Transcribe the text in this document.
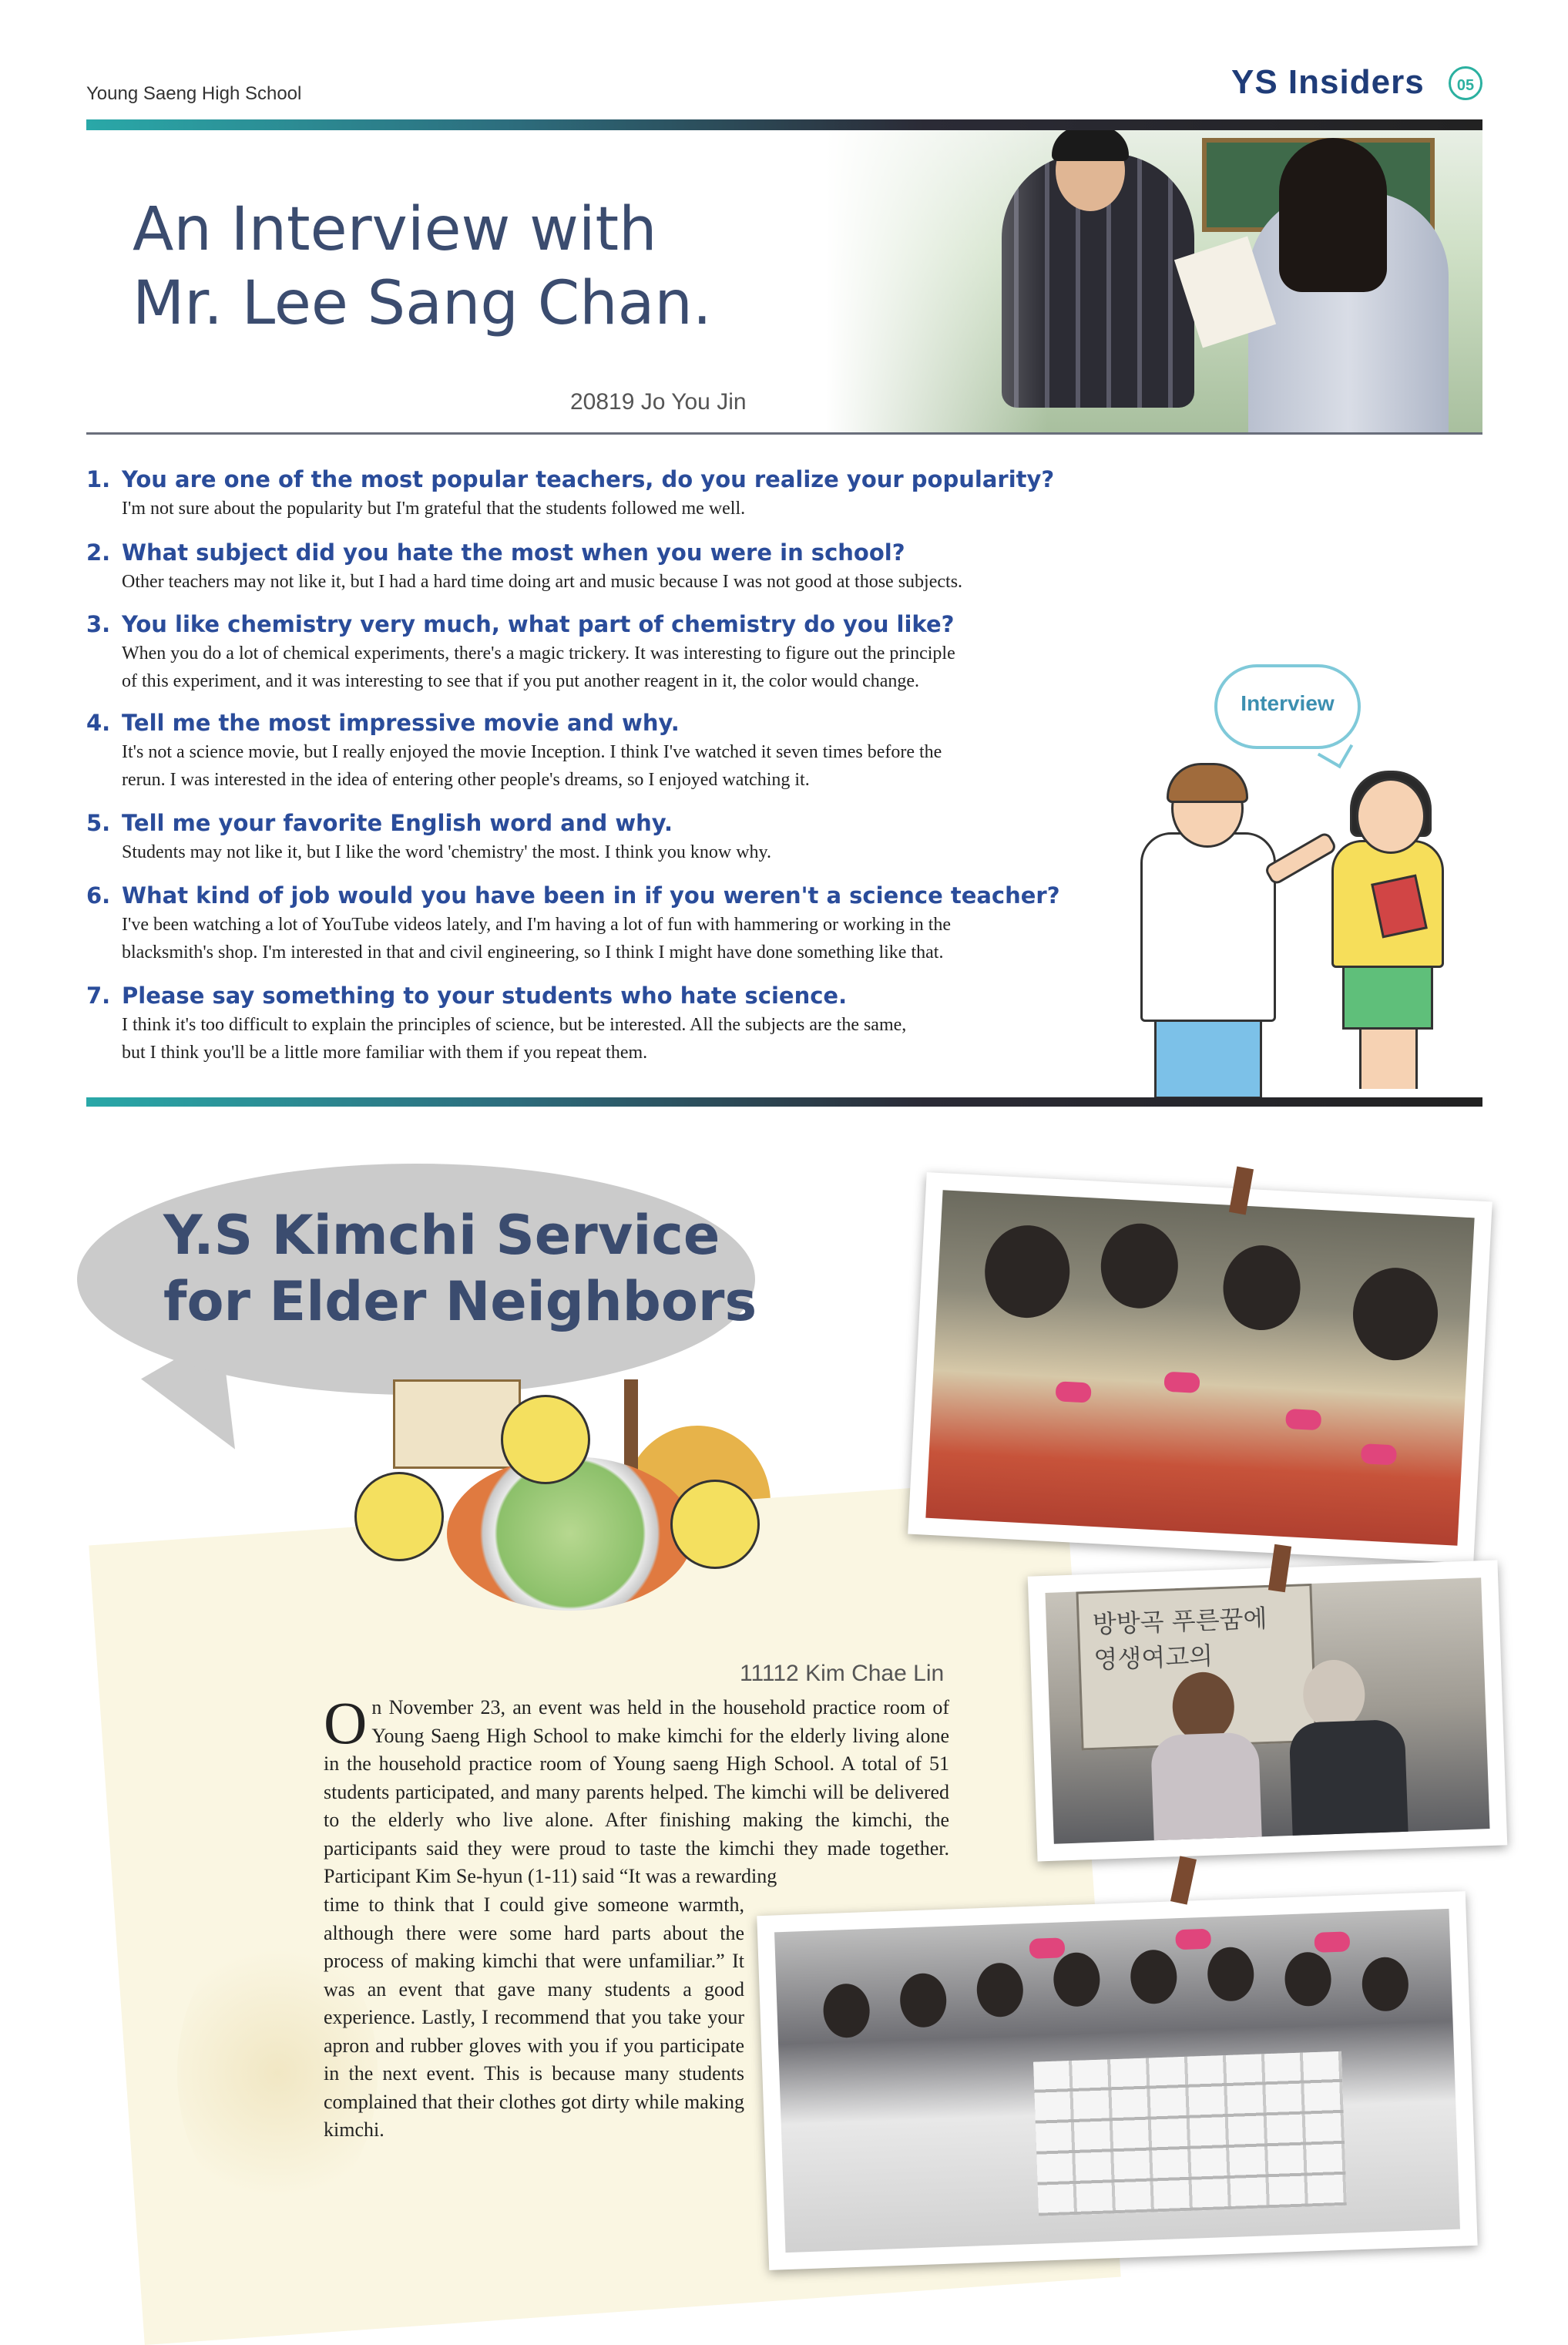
Young Saeng High School	YS Insiders	05
An Interview with
Mr. Lee Sang Chan.
20819 Jo You Jin
1. You are one of the most popular teachers, do you realize your popularity?
I'm not sure about the popularity but I'm grateful that the students followed me well.
2. What subject did you hate the most when you were in school?
Other teachers may not like it, but I had a hard time doing art and music because I was not good at those subjects.
3. You like chemistry very much, what part of chemistry do you like?
When you do a lot of chemical experiments, there's a magic trickery. It was interesting to figure out the principle
of this experiment, and it was interesting to see that if you put another reagent in it, the color would change.
4. Tell me the most impressive movie and why.
It's not a science movie, but I really enjoyed the movie Inception. I think I've watched it seven times before the
rerun. I was interested in the idea of entering other people's dreams, so I enjoyed watching it.
5. Tell me your favorite English word and why.
Students may not like it, but I like the word 'chemistry' the most. I think you know why.
6. What kind of job would you have been in if you weren't a science teacher?
I've been watching a lot of YouTube videos lately, and I'm having a lot of fun with hammering or working in the
blacksmith's shop. I'm interested in that and civil engineering, so I think I might have done something like that.
7. Please say something to your students who hate science.
I think it's too difficult to explain the principles of science, but be interested. All the subjects are the same,
but I think you'll be a little more familiar with them if you repeat them.
Interview
Y.S Kimchi Service
for Elder Neighbors
11112 Kim Chae Lin
On November 23, an event was held in the household practice room of Young Saeng High School to make kimchi for the elderly living alone in the household practice room of Young saeng High School. A total of 51 students participated, and many parents helped. The kimchi will be delivered to the elderly who live alone. After finishing making the kimchi, the participants said they were proud to taste the kimchi they made together. Participant Kim Se-hyun (1-11) said “It was a rewarding
time to think that I could give someone warmth, although there were some hard parts about the process of making kimchi that were unfamiliar.” It was an event that gave many students a good experience. Lastly, I recommend that you take your apron and rubber gloves with you if you participate in the next event. This is because many students complained that their clothes got dirty while making kimchi.
방방곡 푸른꿈에
영생여고의
